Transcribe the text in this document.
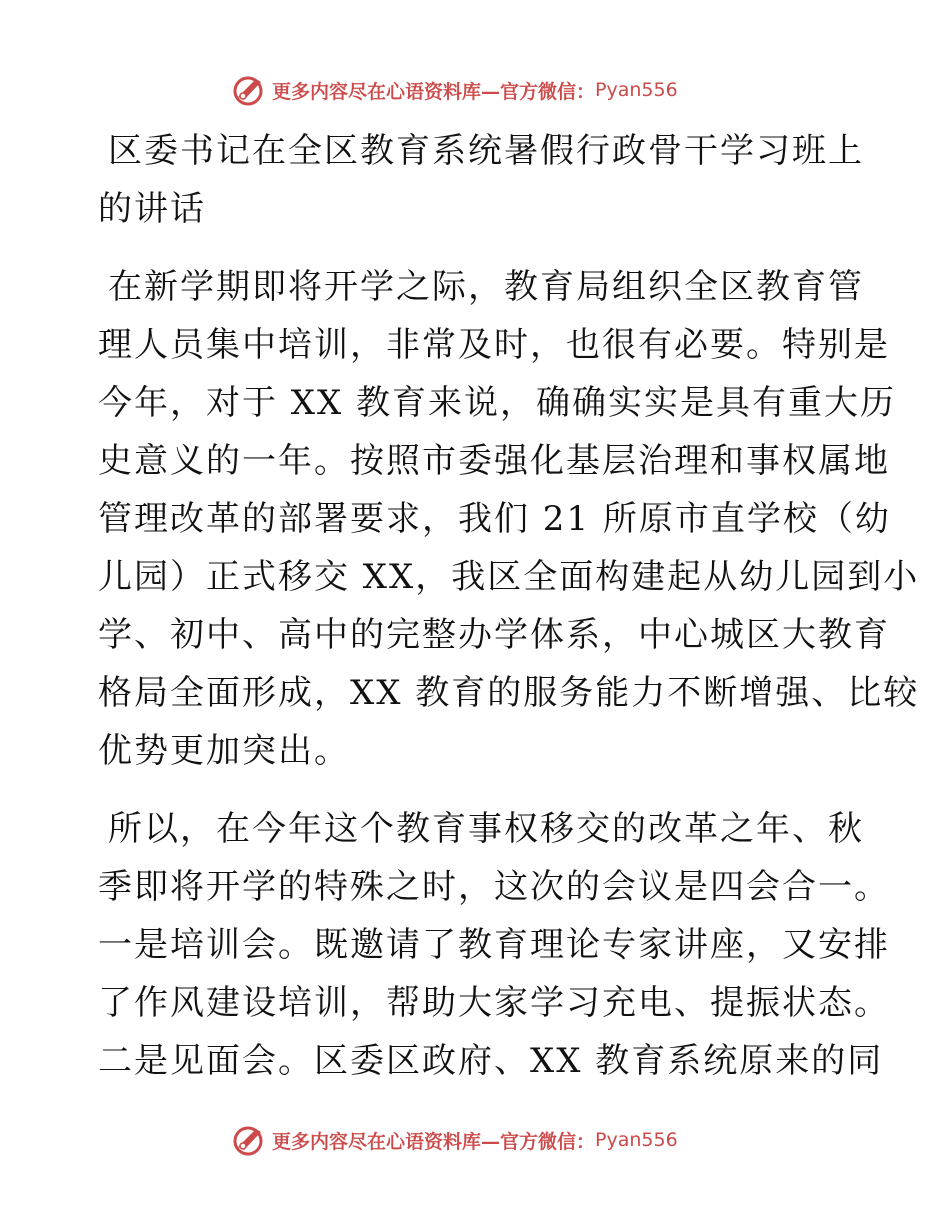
更多内容尽在心语资料库—官方微信： Pyan556
区委书记在全区教育系统暑假行政骨干学习班上
的讲话
在新学期即将开学之际，教育局组织全区教育管
理人员集中培训，非常及时，也很有必要。特别是
今年，对于 XX 教育来说，确确实实是具有重大历
史意义的一年。按照市委强化基层治理和事权属地
管理改革的部署要求，我们 21 所原市直学校（幼
儿园）正式移交 XX，我区全面构建起从幼儿园到小
学、初中、高中的完整办学体系，中心城区大教育
格局全面形成，XX 教育的服务能力不断增强、比较
优势更加突出。
所以，在今年这个教育事权移交的改革之年、秋
季即将开学的特殊之时，这次的会议是四会合一。
一是培训会。既邀请了教育理论专家讲座，又安排
了作风建设培训，帮助大家学习充电、提振状态。
二是见面会。区委区政府、XX 教育系统原来的同
更多内容尽在心语资料库—官方微信： Pyan556
